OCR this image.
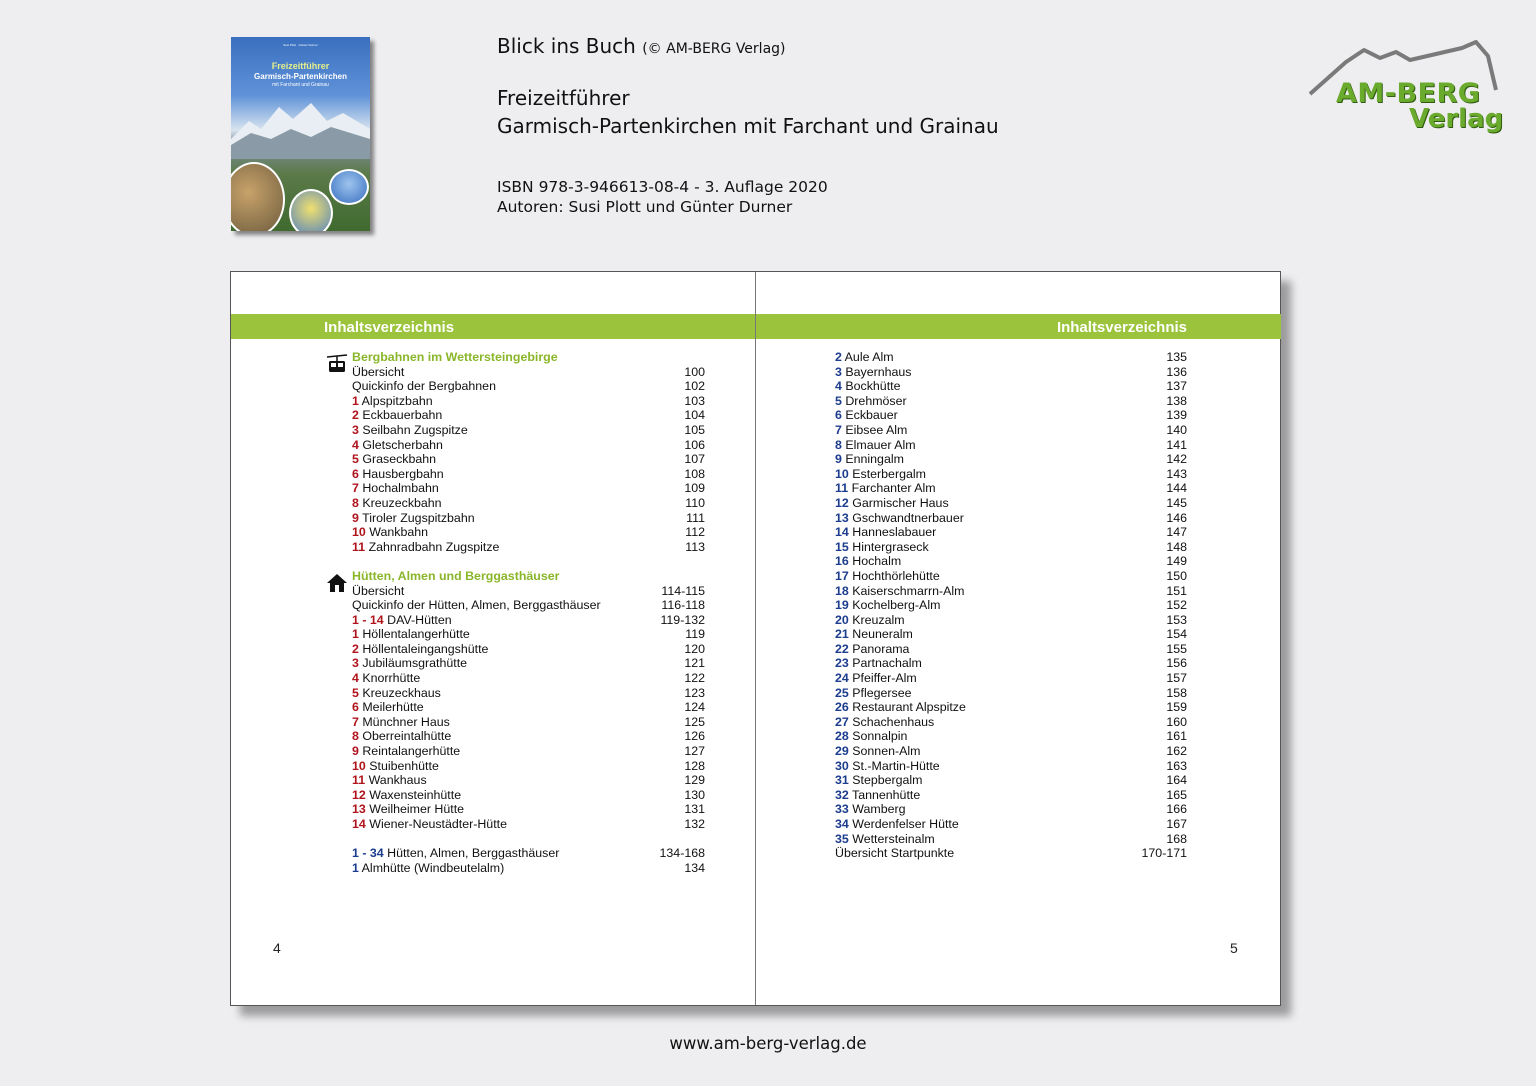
Susi Plott · Günter Durner
Freizeitführer
Garmisch-Partenkirchen
mit Farchant und Grainau
Blick ins Buch (© AM-BERG Verlag)
Freizeitführer
Garmisch-Partenkirchen mit Farchant und Grainau
ISBN 978-3-946613-08-4 - 3. Auflage 2020
Autoren: Susi Plott und Günter Durner
AM-BERG
Verlag
Inhaltsverzeichnis	Inhaltsverzeichnis
Bergbahnen im Wettersteingebirge
Übersicht	100
Quickinfo der Bergbahnen	102
1 Alpspitzbahn	103
2 Eckbauerbahn	104
3 Seilbahn Zugspitze	105
4 Gletscherbahn	106
5 Graseckbahn	107
6 Hausbergbahn	108
7 Hochalmbahn	109
8 Kreuzeckbahn	110
9 Tiroler Zugspitzbahn	111
10 Wankbahn	112
11 Zahnradbahn Zugspitze	113
Hütten, Almen und Berggasthäuser
Übersicht	114-115
Quickinfo der Hütten, Almen, Berggasthäuser	116-118
1 - 14 DAV-Hütten	119-132
1 Höllentalangerhütte	119
2 Höllentaleingangshütte	120
3 Jubiläumsgrathütte	121
4 Knorrhütte	122
5 Kreuzeckhaus	123
6 Meilerhütte	124
7 Münchner Haus	125
8 Oberreintalhütte	126
9 Reintalangerhütte	127
10 Stuibenhütte	128
11 Wankhaus	129
12 Waxensteinhütte	130
13 Weilheimer Hütte	131
14 Wiener-Neustädter-Hütte	132
1 - 34 Hütten, Almen, Berggasthäuser	134-168
1 Almhütte (Windbeutelalm)	134
2 Aule Alm	135
3 Bayernhaus	136
4 Bockhütte	137
5 Drehmöser	138
6 Eckbauer	139
7 Eibsee Alm	140
8 Elmauer Alm	141
9 Enningalm	142
10 Esterbergalm	143
11 Farchanter Alm	144
12 Garmischer Haus	145
13 Gschwandtnerbauer	146
14 Hanneslabauer	147
15 Hintergraseck	148
16 Hochalm	149
17 Hochthörlehütte	150
18 Kaiserschmarrn-Alm	151
19 Kochelberg-Alm	152
20 Kreuzalm	153
21 Neuneralm	154
22 Panorama	155
23 Partnachalm	156
24 Pfeiffer-Alm	157
25 Pflegersee	158
26 Restaurant Alpspitze	159
27 Schachenhaus	160
28 Sonnalpin	161
29 Sonnen-Alm	162
30 St.-Martin-Hütte	163
31 Stepbergalm	164
32 Tannenhütte	165
33 Wamberg	166
34 Werdenfelser Hütte	167
35 Wettersteinalm	168
Übersicht Startpunkte	170-171
4	5
www.am-berg-verlag.de
